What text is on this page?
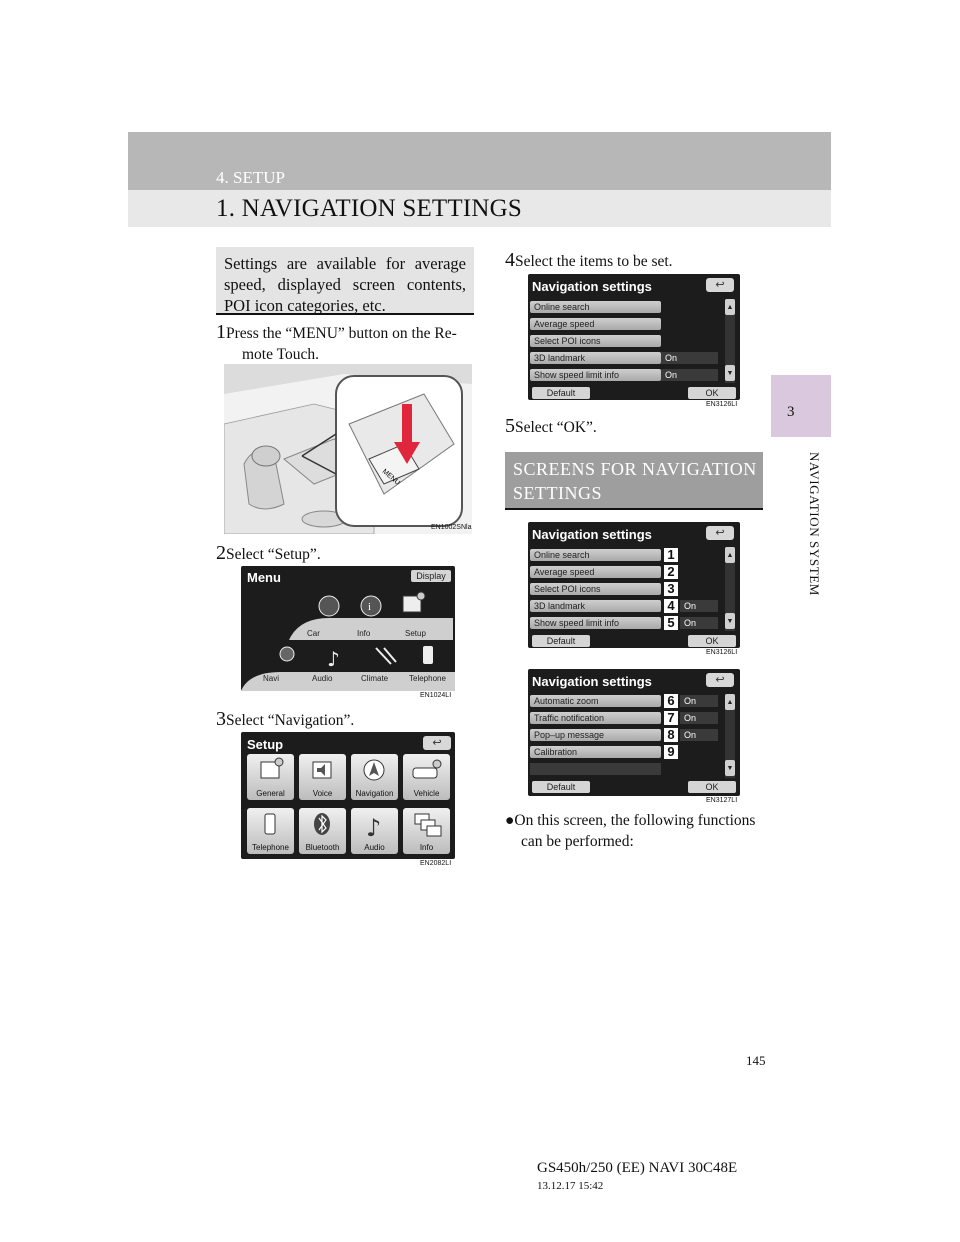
4. SETUP
1. NAVIGATION SETTINGS
3
NAVIGATION SYSTEM

Settings are available for average speed, displayed screen contents, POI icon categories, etc.

1Press the “MENU” button on the Re-
mote Touch.
MENU
EN1002SNla
2Select “Setup”.
Menu	Display
i
Car	Info	Setup
♪
Navi	Audio	Climate	Telephone
EN1024LI
3Select “Navigation”.
Setup	↩
General	Voice	Navigation	Vehicle
Telephone	Bluetooth
♪
Audio	Info
EN2082LI
4Select the items to be set.
Navigation settings	↩
Online search
Average speed
Select POI icons
3D landmark	On
Show speed limit info	On
▲
▼
Default	OK
EN3126LI
5Select “OK”.
SCREENS FOR NAVIGATION SETTINGS
Navigation settings	↩
Online search	1
Average speed	2
Select POI icons	3
3D landmark	4	On
Show speed limit info	5	On
▲
▼
Default	OK
EN3126LI
Navigation settings	↩
Automatic zoom	6	On
Traffic notification	7	On
Pop–up message	8	On
Calibration	9
▲
▼
Default	OK
EN3127LI
●On this screen, the following functions
can be performed:
145
GS450h/250 (EE) NAVI 30C48E
13.12.17 15:42
